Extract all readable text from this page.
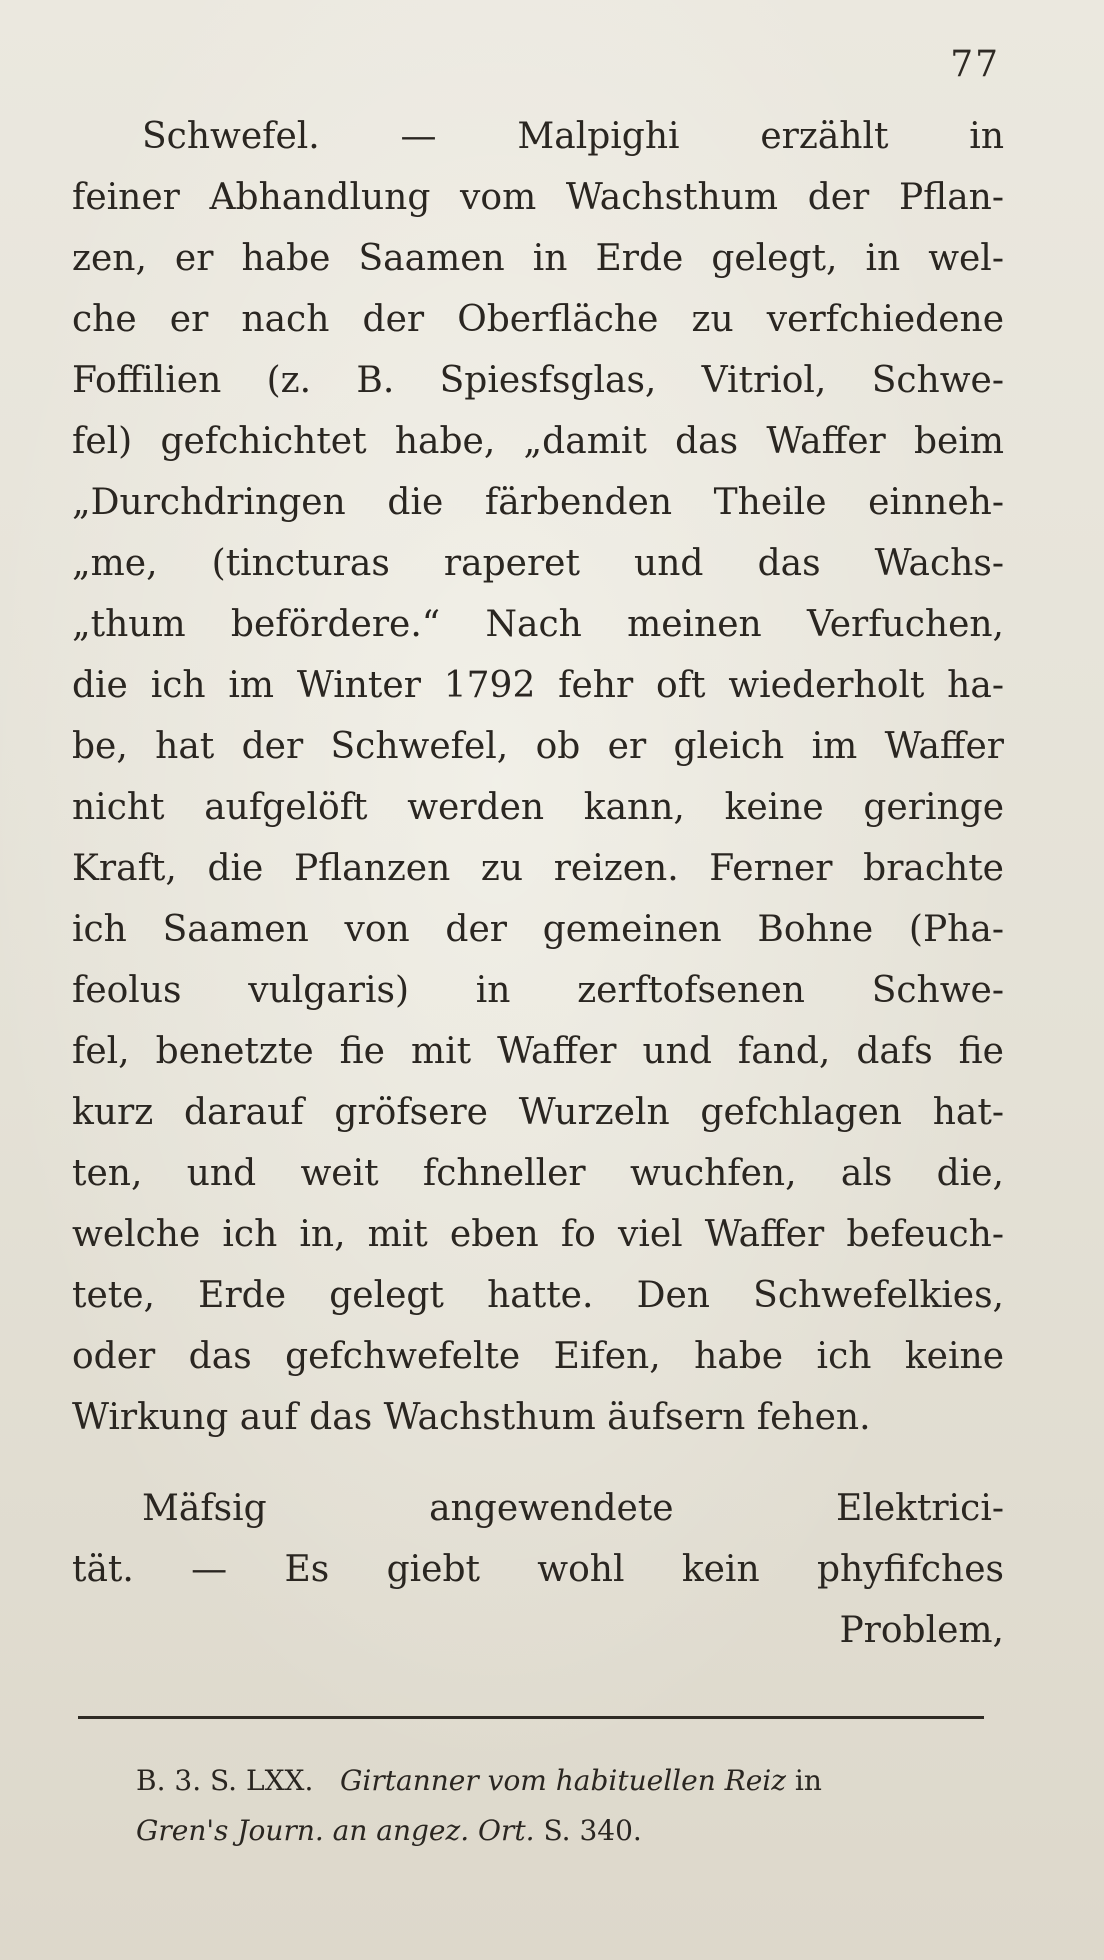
77
Schwefel. — Malpighi erzählt in
feiner Abhandlung vom Wachsthum der Pflan-
zen, er habe Saamen in Erde gelegt, in wel-
che er nach der Oberfläche zu verfchiedene
Foffilien (z. B. Spiesfsglas, Vitriol, Schwe-
fel) gefchichtet habe, „damit das Waffer beim
„Durchdringen die färbenden Theile einneh-
„me, (tincturas raperet und das Wachs-
„thum befördere.“ Nach meinen Verfuchen,
die ich im Winter 1792 fehr oft wiederholt ha-
be, hat der Schwefel, ob er gleich im Waffer
nicht aufgelöft werden kann, keine geringe
Kraft, die Pflanzen zu reizen. Ferner brachte
ich Saamen von der gemeinen Bohne (Pha-
feolus vulgaris) in zerftofsenen Schwe-
fel, benetzte fie mit Waffer und fand, dafs fie
kurz darauf gröfsere Wurzeln gefchlagen hat-
ten, und weit fchneller wuchfen, als die,
welche ich in, mit eben fo viel Waffer befeuch-
tete, Erde gelegt hatte. Den Schwefelkies,
oder das gefchwefelte Eifen, habe ich keine
Wirkung auf das Wachsthum äufsern fehen.
Mäfsig angewendete Elektrici-
tät. — Es giebt wohl kein phyfifches
Problem,
B. 3. S. LXX. Girtanner vom habituellen Reiz in
Gren's Journ. an angez. Ort. S. 340.
